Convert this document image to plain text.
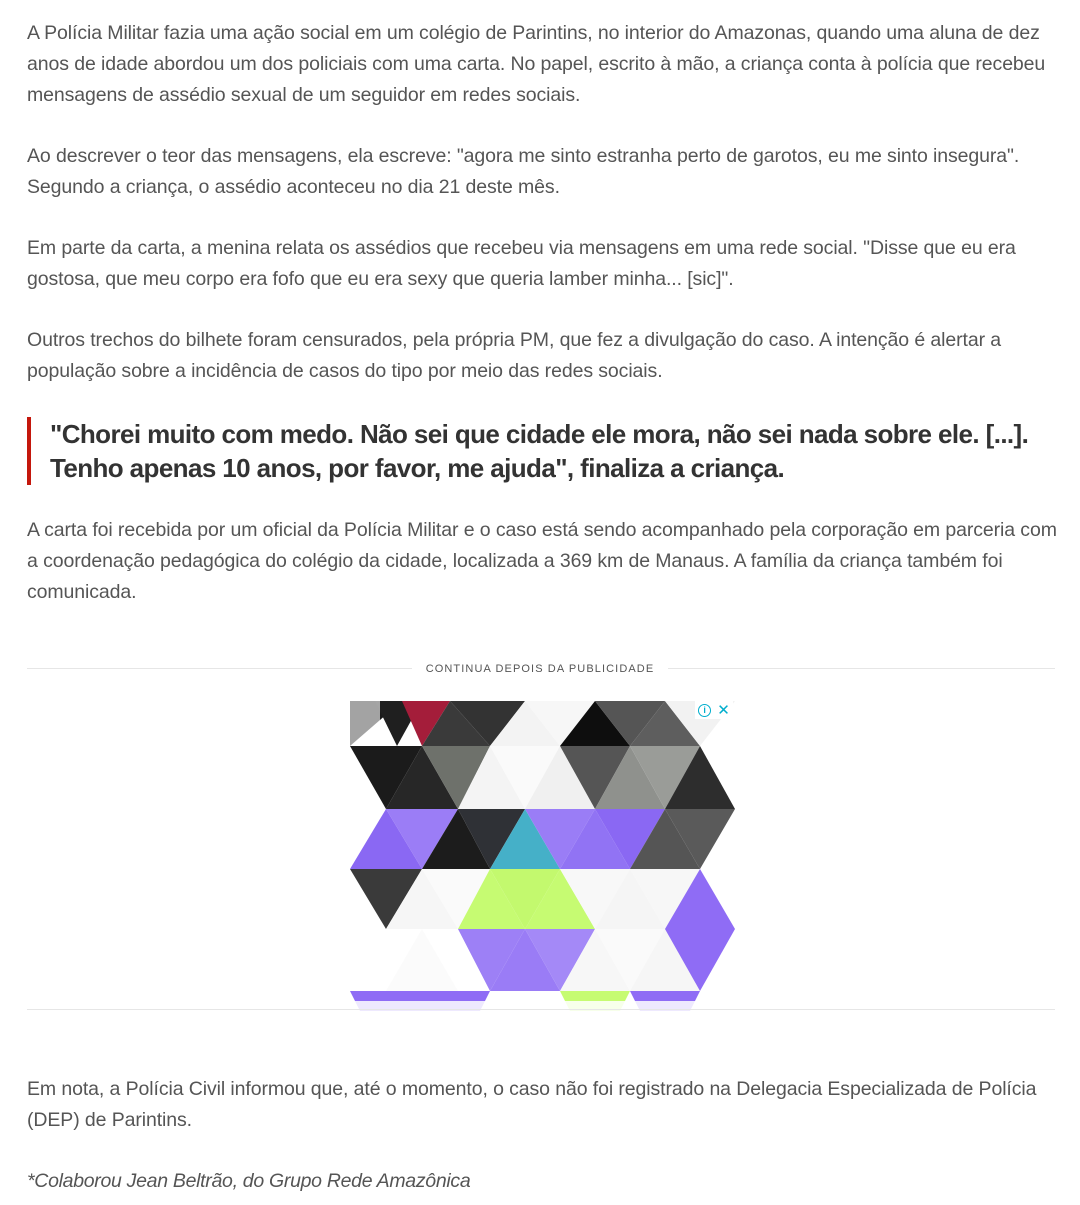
A Polícia Militar fazia uma ação social em um colégio de Parintins, no interior do Amazonas, quando uma aluna de dez anos de idade abordou um dos policiais com uma carta. No papel, escrito à mão, a criança conta à polícia que recebeu mensagens de assédio sexual de um seguidor em redes sociais.

Ao descrever o teor das mensagens, ela escreve: "agora me sinto estranha perto de garotos, eu me sinto insegura". Segundo a criança, o assédio aconteceu no dia 21 deste mês.

Em parte da carta, a menina relata os assédios que recebeu via mensagens em uma rede social. "Disse que eu era gostosa, que meu corpo era fofo que eu era sexy que queria lamber minha... [sic]".

Outros trechos do bilhete foram censurados, pela própria PM, que fez a divulgação do caso. A intenção é alertar a população sobre a incidência de casos do tipo por meio das redes sociais.

"Chorei muito com medo. Não sei que cidade ele mora, não sei nada sobre ele. [...]. Tenho apenas 10 anos, por favor, me ajuda", finaliza a criança.

A carta foi recebida por um oficial da Polícia Militar e o caso está sendo acompanhado pela corporação em parceria com a coordenação pedagógica do colégio da cidade, localizada a 369 km de Manaus. A família da criança também foi comunicada.

CONTINUA DEPOIS DA PUBLICIDADE
i ✕

Em nota, a Polícia Civil informou que, até o momento, o caso não foi registrado na Delegacia Especializada de Polícia (DEP) de Parintins.

*Colaborou Jean Beltrão, do Grupo Rede Amazônica
